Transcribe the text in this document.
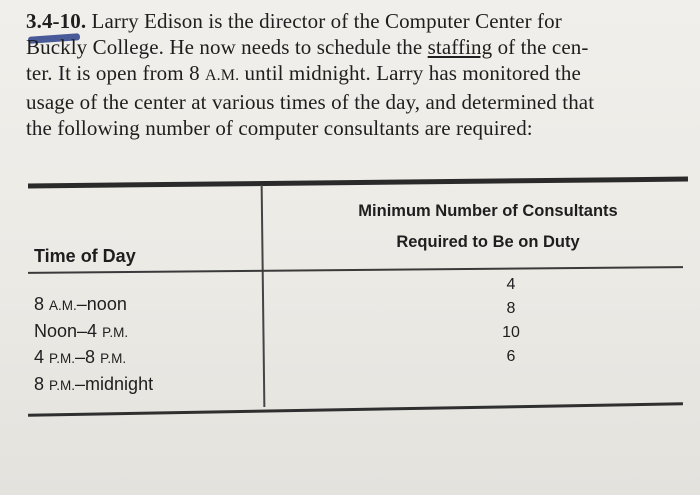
3.4-10. Larry Edison is the director of the Computer Center for
Buckly College. He now needs to schedule the staffing of the cen-
ter. It is open from 8 A.M. until midnight. Larry has monitored the
usage of the center at various times of the day, and determined that
the following number of computer consultants are required:
Time of Day
Minimum Number of Consultants
Required to Be on Duty
8 A.M.–noon
Noon–4 P.M.
4 P.M.–8 P.M.
8 P.M.–midnight
4
8
10
6
